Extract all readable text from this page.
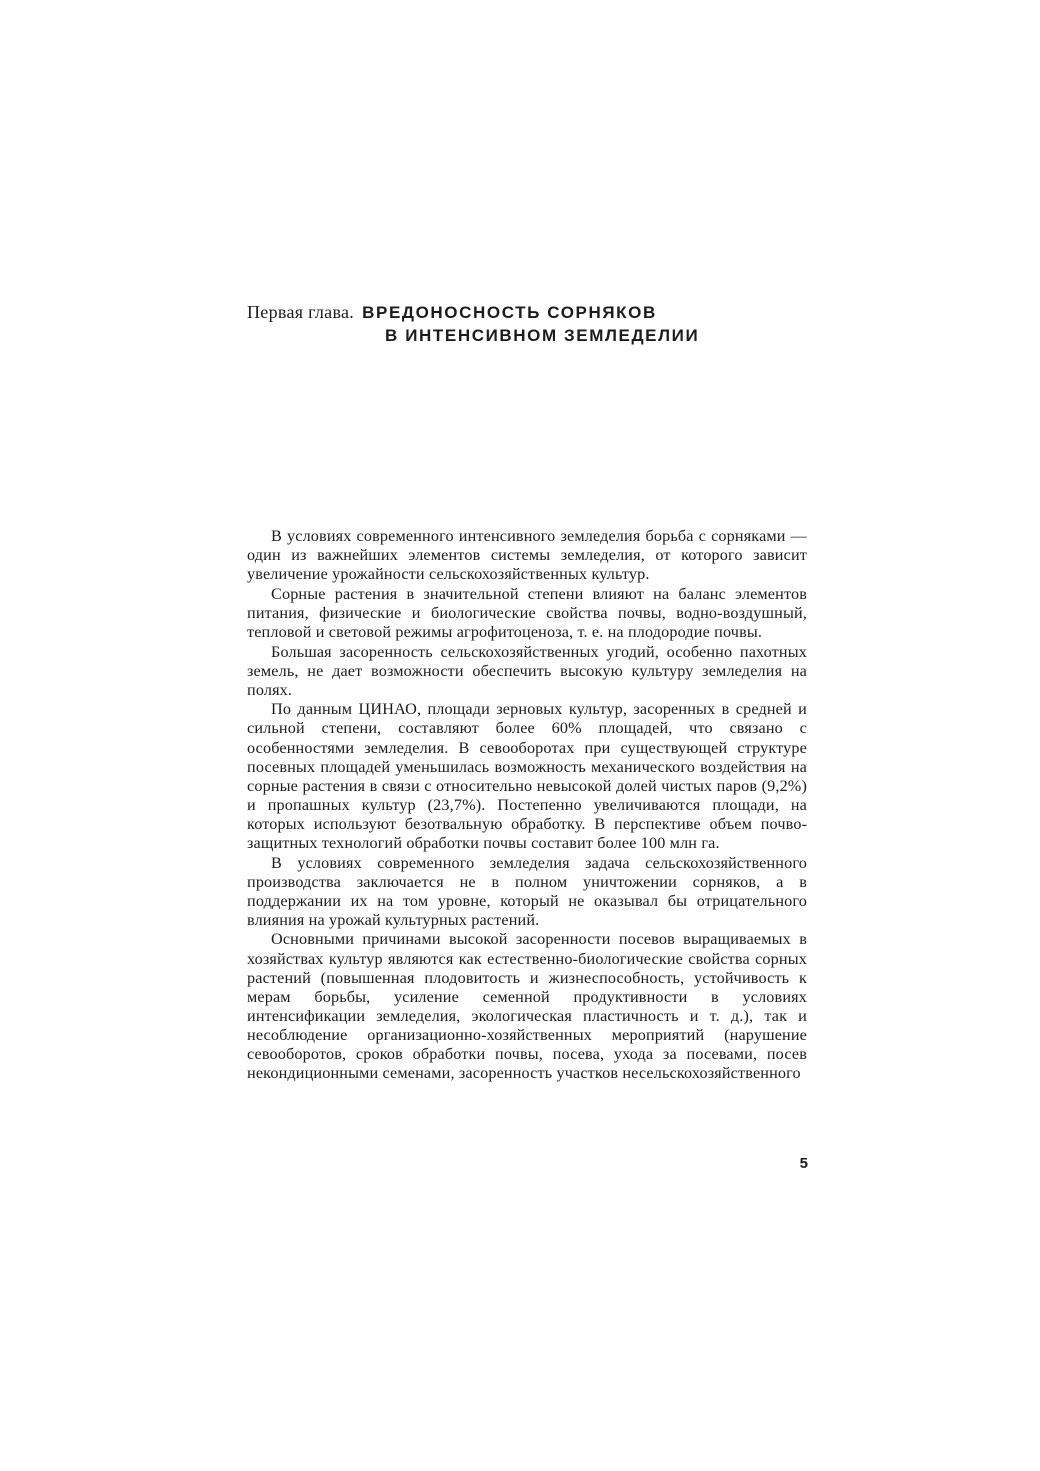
Первая глава. ВРЕДОНОСНОСТЬ СОРНЯКОВ
В ИНТЕНСИВНОМ ЗЕМЛЕДЕЛИИ

В условиях современного интенсивного земледелия борьба с сорняками — один из важнейших элементов системы земледелия, от которого зависит увеличение урожайности сельскохозяйственных культур.

Сорные растения в значительной степени влияют на баланс элементов питания, физические и биологические свойства почвы, водно-воздушный, тепловой и световой режимы агрофитоценоза, т. е. на плодородие почвы.

Большая засоренность сельскохозяйственных угодий, особенно пахотных земель, не дает возможности обеспечить высокую культуру земледелия на полях.

По данным ЦИНАО, площади зерновых культур, засоренных в средней и сильной степени, составляют более 60% площадей, что связано с особенностями земледелия. В севооборотах при существующей структуре посевных площадей уменьшилась возможность механического воздействия на сорные растения в связи с относительно невысокой долей чистых паров (9,2%) и пропашных культур (23,7%). Постепенно увеличиваются площади, на которых используют безотвальную обработку. В перспективе объем почвозащитных технологий обработки почвы составит более 100 млн га.

В условиях современного земледелия задача сельскохозяйственного производства заключается не в полном уничтожении сорняков, а в поддержании их на том уровне, который не оказывал бы отрицательного влияния на урожай культурных растений.

Основными причинами высокой засоренности посевов выращиваемых в хозяйствах культур являются как естественно-биологические свойства сорных растений (повышенная плодовитость и жизнеспособность, устойчивость к мерам борьбы, усиление семенной продуктивности в условиях интенсификации земледелия, экологическая пластичность и т. д.), так и несоблюдение организационно-хозяйственных мероприятий (нарушение севооборотов, сроков обработки почвы, посева, ухода за посевами, посев некондиционными семенами, засоренность участков несельскохозяйственного

5
